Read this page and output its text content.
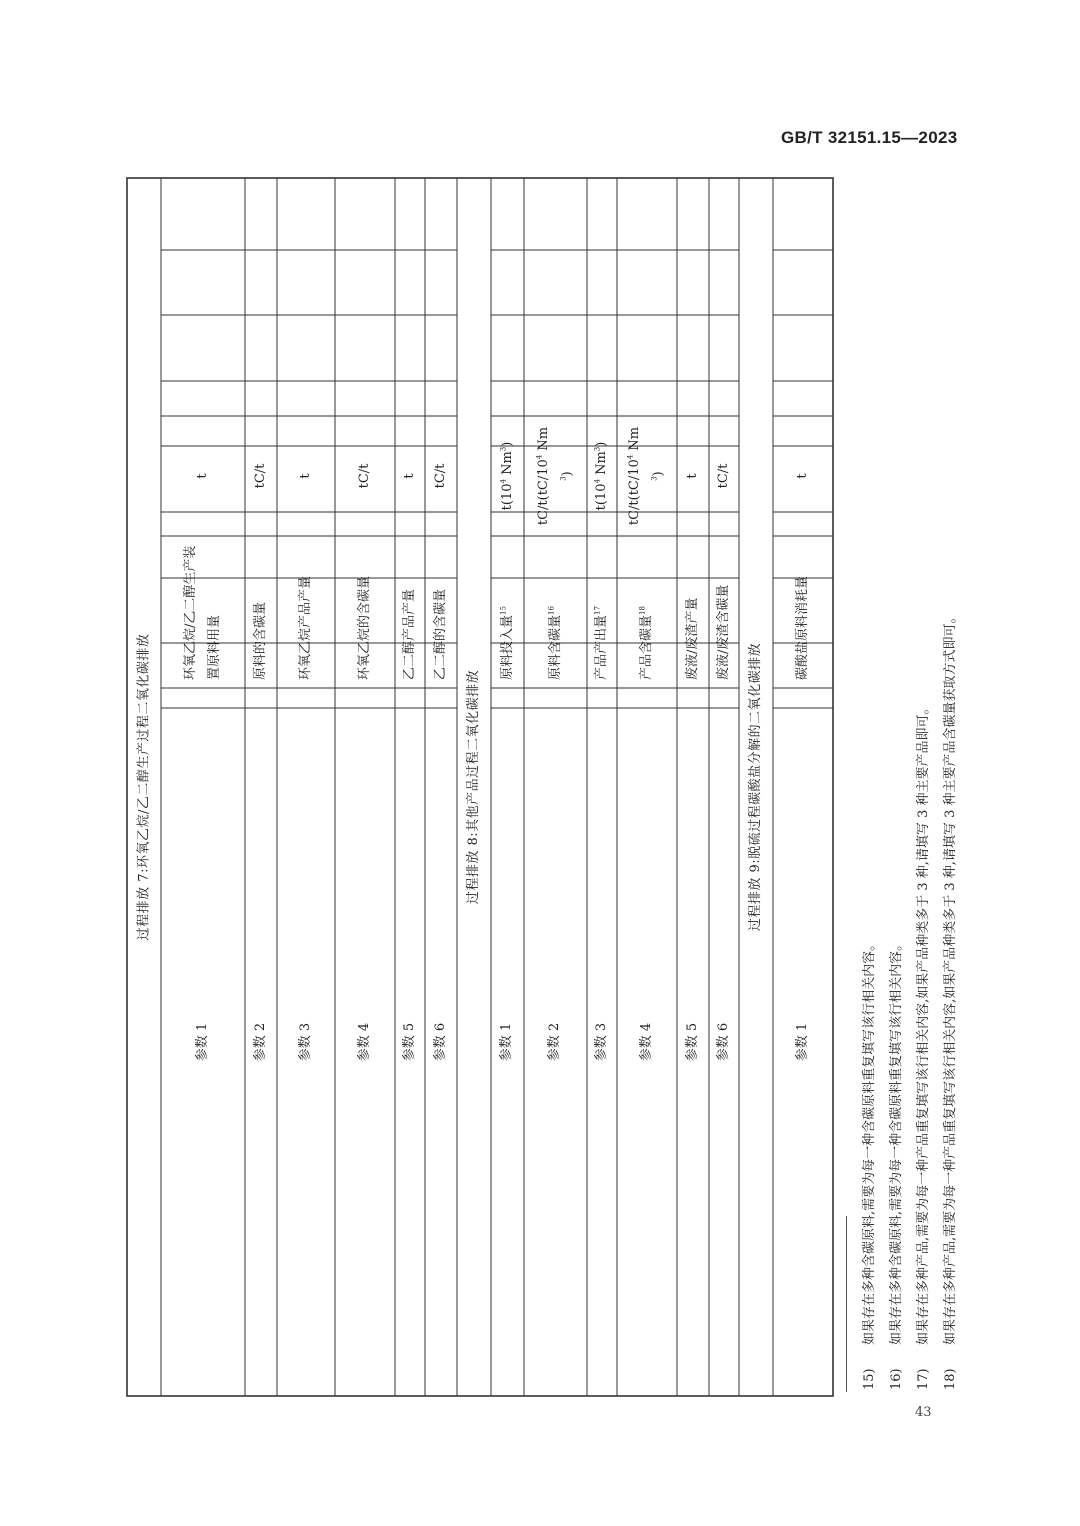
GB/T 32151.15—2023
过程排放 7:环氧乙烷/乙二醇生产过程二氧化碳排放
参数 1
环氧乙烷/乙二醇生产装置原料用量
t
参数 2
原料的含碳量
tC/t
参数 3
环氧乙烷产品产量
t
参数 4
环氧乙烷的含碳量
tC/t
参数 5
乙二醇产品产量
t
参数 6
乙二醇的含碳量
tC/t
过程排放 8:其他产品过程二氧化碳排放
参数 1
原料投入量$^{15}$
$t(10^4$ Nm$^3$)
参数 2
原料含碳量$^{16}$
$tC/t(tC/10^4$ Nm$^3$)
参数 3
产品产出量$^{17}$
$t(10^4$ Nm$^3$)
参数 4
产品含碳量$^{18}$
$tC/t(tC/10^4$ Nm$^3$)
参数 5
废液/废渣产量
t
参数 6
废液/废渣含碳量
tC/t
过程排放 9:脱硫过程碳酸盐分解的二氧化碳排放
参数 1
碳酸盐原料消耗量
t
15)如果存在多种含碳原料,需要为每一种含碳原料重复填写该行相关内容。
16)如果存在多种含碳原料,需要为每一种含碳原料重复填写该行相关内容。
17)如果存在多种产品,需要为每一种产品重复填写该行相关内容,如果产品种类多于 3 种,请填写 3 种主要产品即可。
18)如果存在多种产品,需要为每一种产品重复填写该行相关内容,如果产品种类多于 3 种,请填写 3 种主要产品含碳量获取方式即可。
43
